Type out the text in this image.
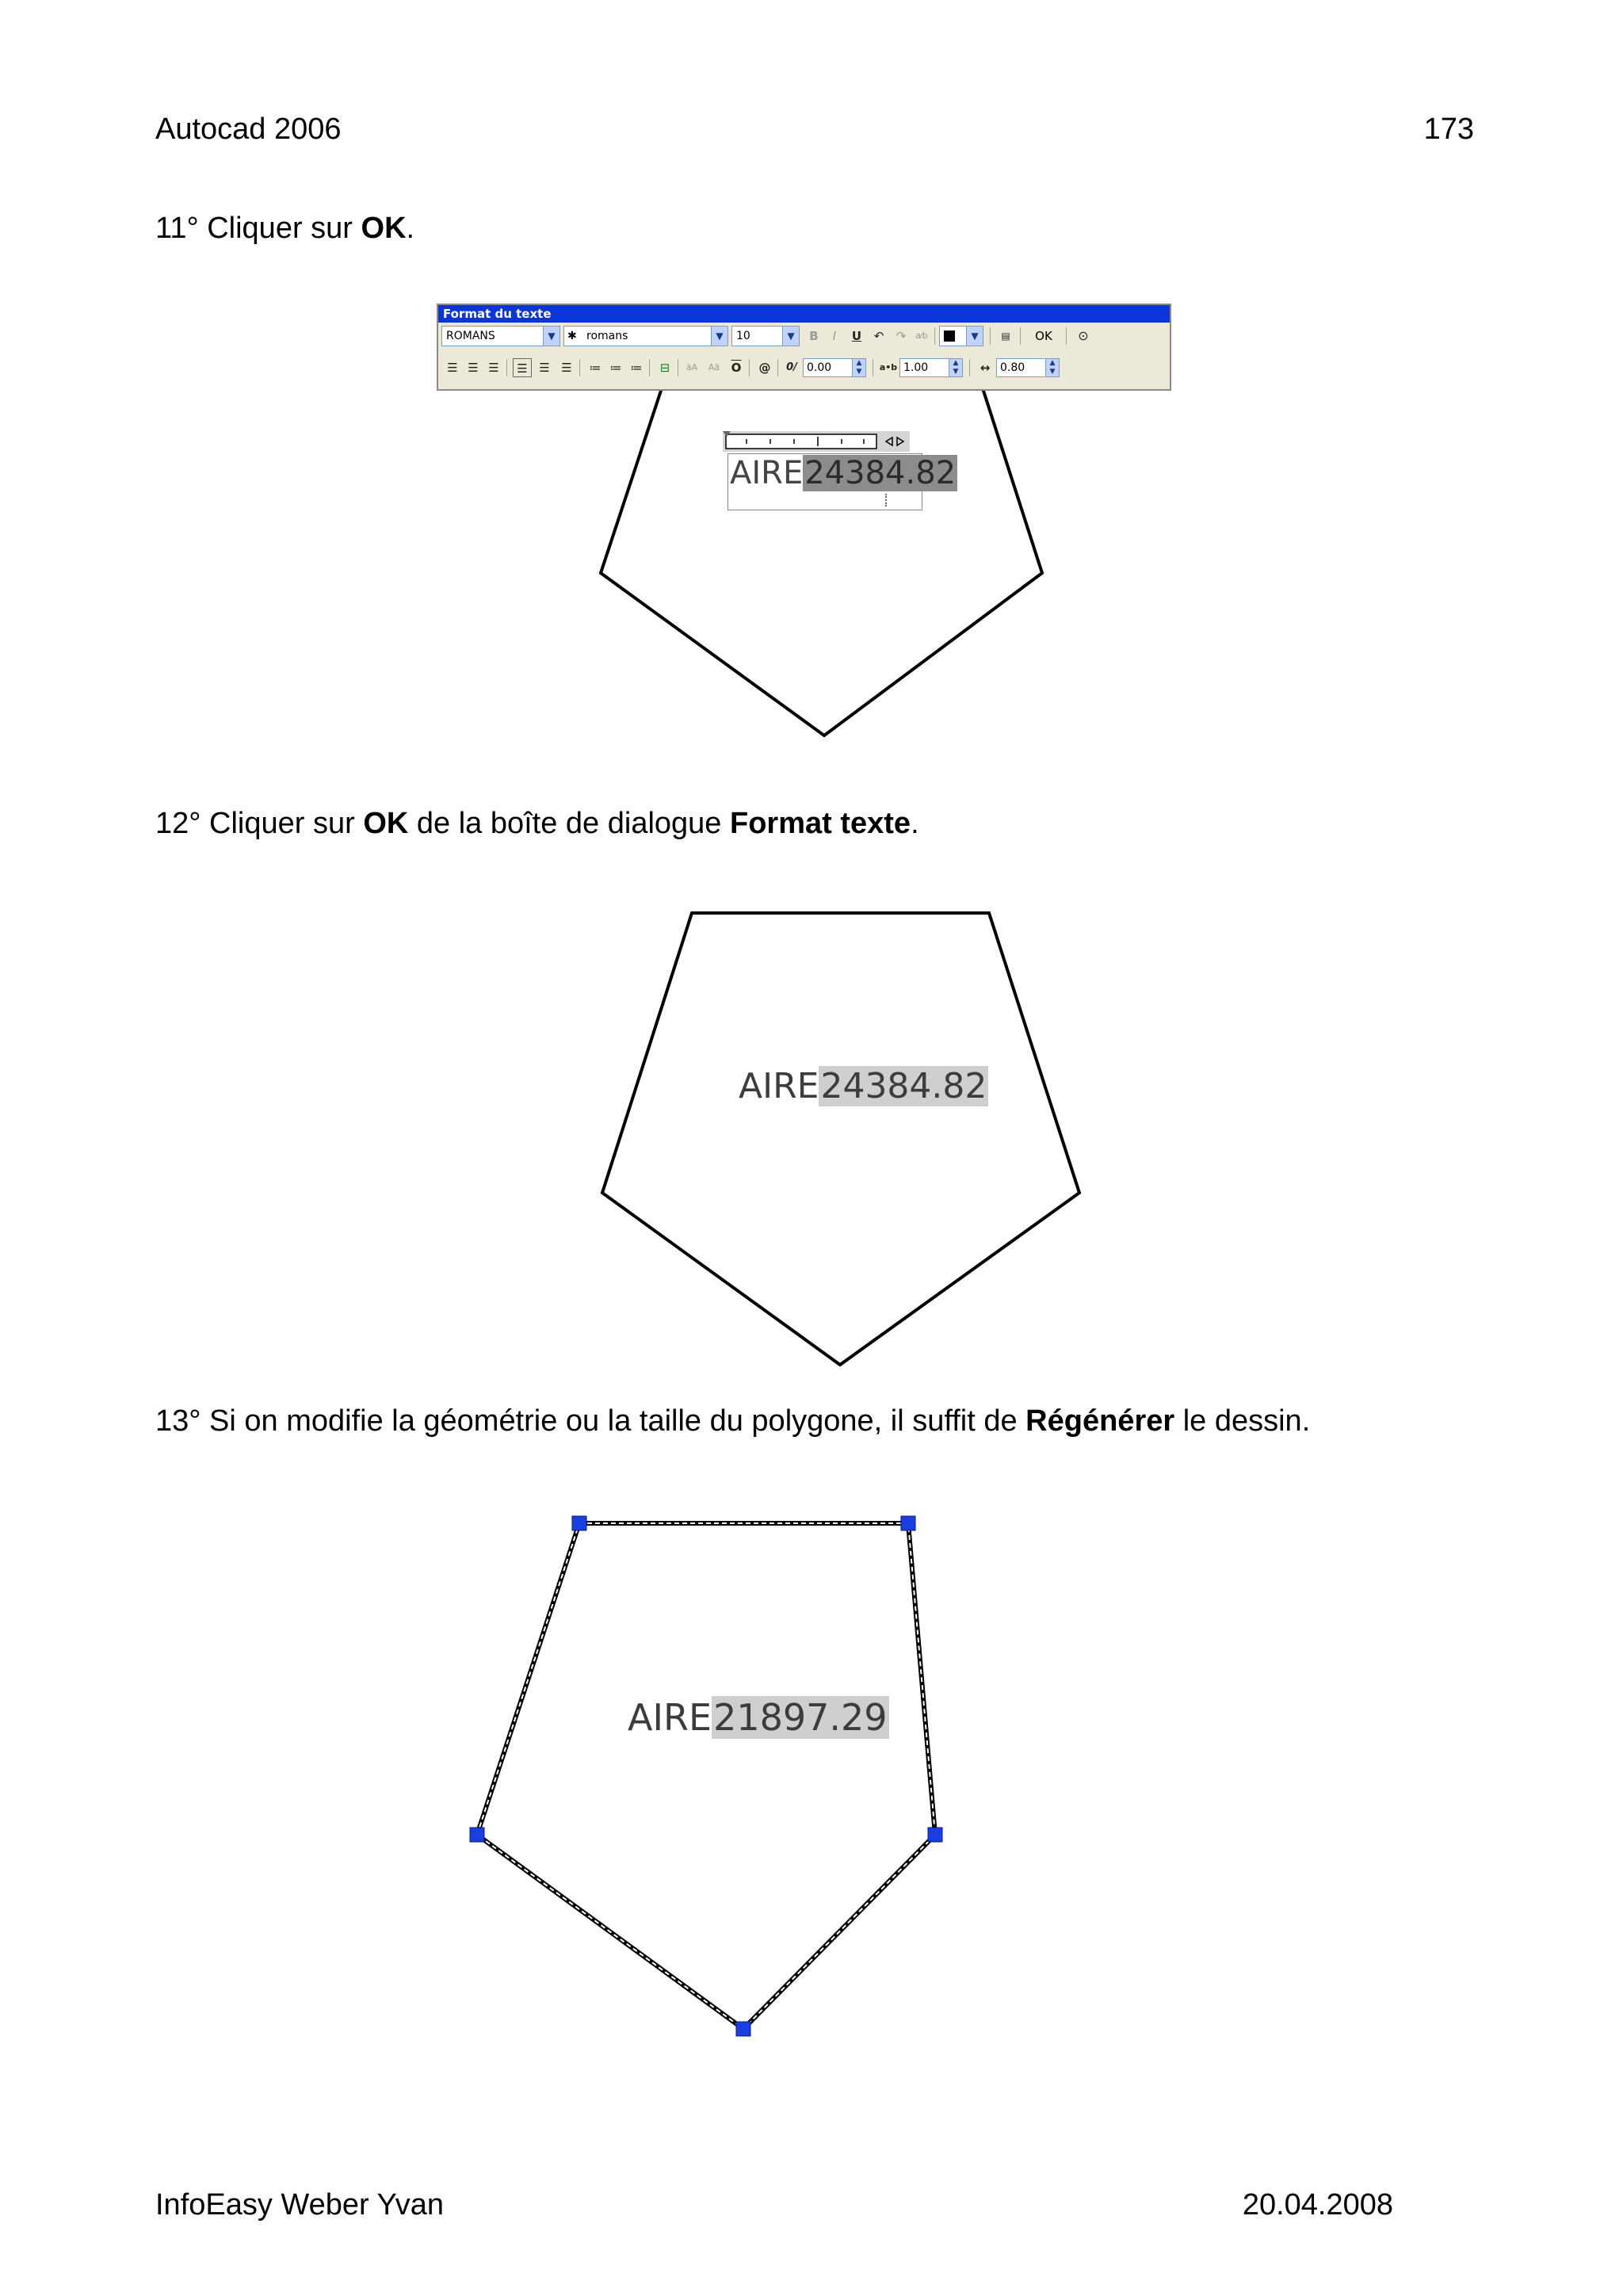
Autocad 2006	173
11° Cliquer sur OK.
AIRE24384.82
Format du texte
ROMANS	▼	✱ romans	▼	10	▼	B	I	U	↶	↷	a⁄b	▼	▤	OK	⊙
☰ ☰ ☰	☰ ☰ ☰	≔ ≔ ≔	⊟	äA	Aä $\overline{O}$	@	0/ 0.00	▲
▼	a•b 1.00	▲
▼	↔ 0.80	▲
▼
12° Cliquer sur OK de la boîte de dialogue Format texte.
AIRE24384.82
13° Si on modifie la géométrie ou la taille du polygone, il suffit de Régénérer le dessin.
AIRE21897.29
InfoEasy Weber Yvan	20.04.2008
